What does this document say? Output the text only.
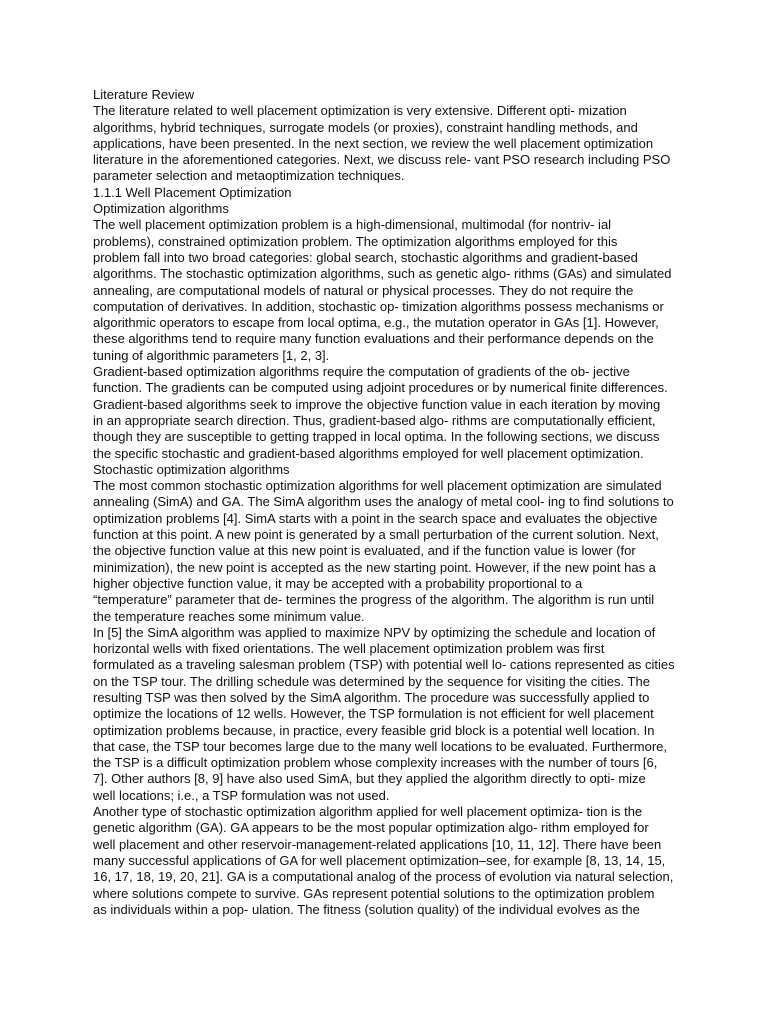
Literature Review
The literature related to well placement optimization is very extensive. Different opti- mization
algorithms, hybrid techniques, surrogate models (or proxies), constraint handling methods, and
applications, have been presented. In the next section, we review the well placement optimization
literature in the aforementioned categories. Next, we discuss rele- vant PSO research including PSO
parameter selection and metaoptimization techniques.
1.1.1 Well Placement Optimization
Optimization algorithms
The well placement optimization problem is a high-dimensional, multimodal (for nontriv- ial
problems), constrained optimization problem. The optimization algorithms employed for this
problem fall into two broad categories: global search, stochastic algorithms and gradient-based
algorithms. The stochastic optimization algorithms, such as genetic algo- rithms (GAs) and simulated
annealing, are computational models of natural or physical processes. They do not require the
computation of derivatives. In addition, stochastic op- timization algorithms possess mechanisms or
algorithmic operators to escape from local optima, e.g., the mutation operator in GAs [1]. However,
these algorithms tend to require many function evaluations and their performance depends on the
tuning of algorithmic parameters [1, 2, 3].
Gradient-based optimization algorithms require the computation of gradients of the ob- jective
function. The gradients can be computed using adjoint procedures or by numerical finite differences.
Gradient-based algorithms seek to improve the objective function value in each iteration by moving
in an appropriate search direction. Thus, gradient-based algo- rithms are computationally efficient,
though they are susceptible to getting trapped in local optima. In the following sections, we discuss
the specific stochastic and gradient-based algorithms employed for well placement optimization.
Stochastic optimization algorithms
The most common stochastic optimization algorithms for well placement optimization are simulated
annealing (SimA) and GA. The SimA algorithm uses the analogy of metal cool- ing to find solutions to
optimization problems [4]. SimA starts with a point in the search space and evaluates the objective
function at this point. A new point is generated by a small perturbation of the current solution. Next,
the objective function value at this new point is evaluated, and if the function value is lower (for
minimization), the new point is accepted as the new starting point. However, if the new point has a
higher objective function value, it may be accepted with a probability proportional to a
“temperature” parameter that de- termines the progress of the algorithm. The algorithm is run until
the temperature reaches some minimum value.
In [5] the SimA algorithm was applied to maximize NPV by optimizing the schedule and location of
horizontal wells with fixed orientations. The well placement optimization problem was first
formulated as a traveling salesman problem (TSP) with potential well lo- cations represented as cities
on the TSP tour. The drilling schedule was determined by the sequence for visiting the cities. The
resulting TSP was then solved by the SimA algorithm. The procedure was successfully applied to
optimize the locations of 12 wells. However, the TSP formulation is not efficient for well placement
optimization problems because, in practice, every feasible grid block is a potential well location. In
that case, the TSP tour becomes large due to the many well locations to be evaluated. Furthermore,
the TSP is a difficult optimization problem whose complexity increases with the number of tours [6,
7]. Other authors [8, 9] have also used SimA, but they applied the algorithm directly to opti- mize
well locations; i.e., a TSP formulation was not used.
Another type of stochastic optimization algorithm applied for well placement optimiza- tion is the
genetic algorithm (GA). GA appears to be the most popular optimization algo- rithm employed for
well placement and other reservoir-management-related applications [10, 11, 12]. There have been
many successful applications of GA for well placement optimization–see, for example [8, 13, 14, 15,
16, 17, 18, 19, 20, 21]. GA is a computational analog of the process of evolution via natural selection,
where solutions compete to survive. GAs represent potential solutions to the optimization problem
as individuals within a pop- ulation. The fitness (solution quality) of the individual evolves as the
